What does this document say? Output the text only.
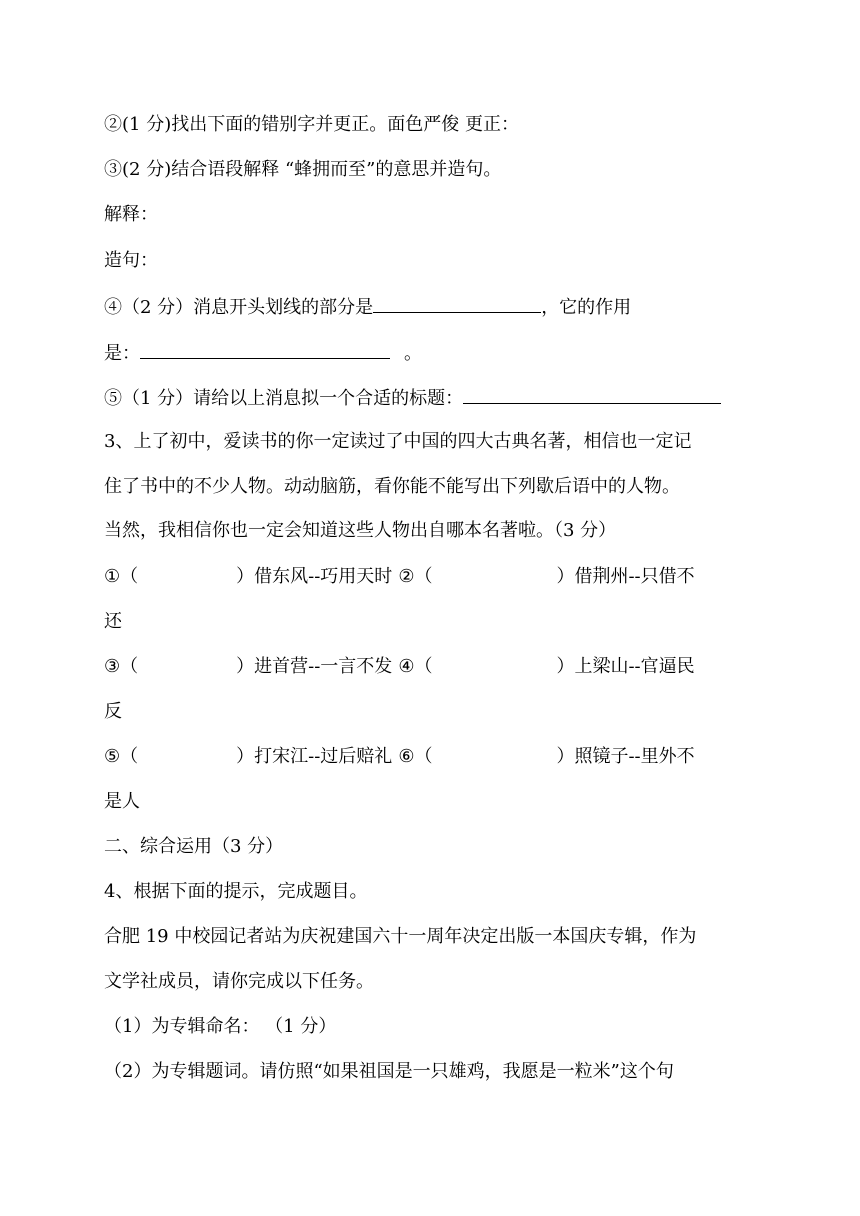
②(1 分)找出下面的错别字并更正。面色严俊 更正：
③(2 分)结合语段解释 “蜂拥而至”的意思并造句。
解释：
造句：
④（2 分）消息开头划线的部分是	，它的作用
是：	。
⑤（1 分）请给以上消息拟一个合适的标题：
3、上了初中，爱读书的你一定读过了中国的四大古典名著，相信也一定记
住了书中的不少人物。动动脑筋，看你能不能写出下列歇后语中的人物。
当然，我相信你也一定会知道这些人物出自哪本名著啦。（3 分）
①（	）借东风--巧用天时 ②（	）借荆州--只借不
还
③（	）进首营--一言不发 ④（	）上梁山--官逼民
反
⑤（	）打宋江--过后赔礼 ⑥（	）照镜子--里外不
是人
二、综合运用（3 分）
4、根据下面的提示，完成题目。
合肥 19 中校园记者站为庆祝建国六十一周年决定出版一本国庆专辑，作为
文学社成员，请你完成以下任务。
（1）为专辑命名： （1 分）
（2）为专辑题词。请仿照“如果祖国是一只雄鸡，我愿是一粒米”这个句
